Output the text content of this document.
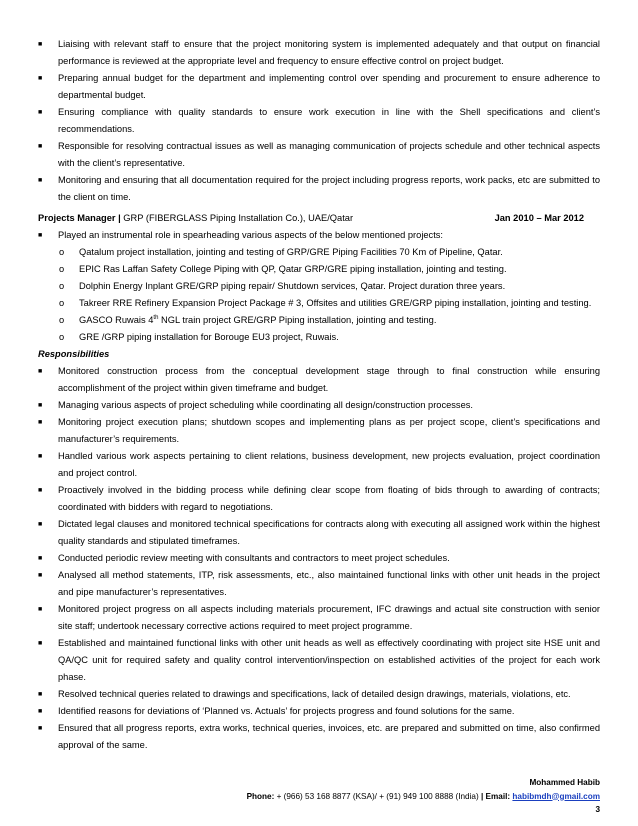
■ Liaising with relevant staff to ensure that the project monitoring system is implemented adequately and that output on financial performance is reviewed at the appropriate level and frequency to ensure effective control on project budget.
■ Preparing annual budget for the department and implementing control over spending and procurement to ensure adherence to departmental budget.
■ Ensuring compliance with quality standards to ensure work execution in line with the Shell specifications and client’s recommendations.
■ Responsible for resolving contractual issues as well as managing communication of projects schedule and other technical aspects with the client’s representative.
■ Monitoring and ensuring that all documentation required for the project including progress reports, work packs, etc are submitted to the client on time.
Projects Manager | GRP (FIBERGLASS Piping Installation Co.), UAE/Qatar	Jan 2010 – Mar 2012
■ Played an instrumental role in spearheading various aspects of the below mentioned projects:
o Qatalum project installation, jointing and testing of GRP/GRE Piping Facilities 70 Km of Pipeline, Qatar.
o EPIC Ras Laffan Safety College Piping with QP, Qatar GRP/GRE piping installation, jointing and testing.
o Dolphin Energy Inplant GRE/GRP piping repair/ Shutdown services, Qatar. Project duration three years.
o Takreer RRE Refinery Expansion Project Package # 3, Offsites and utilities GRE/GRP piping installation, jointing and testing.
o GASCO Ruwais 4th NGL train project GRE/GRP Piping installation, jointing and testing.
o GRE /GRP piping installation for Borouge EU3 project, Ruwais.
Responsibilities
■ Monitored construction process from the conceptual development stage through to final construction while ensuring accomplishment of the project within given timeframe and budget.
■ Managing various aspects of project scheduling while coordinating all design/construction processes.
■ Monitoring project execution plans; shutdown scopes and implementing plans as per project scope, client’s specifications and manufacturer’s requirements.
■ Handled various work aspects pertaining to client relations, business development, new projects evaluation, project coordination and project control.
■ Proactively involved in the bidding process while defining clear scope from floating of bids through to awarding of contracts; coordinated with bidders with regard to negotiations.
■ Dictated legal clauses and monitored technical specifications for contracts along with executing all assigned work within the highest quality standards and stipulated timeframes.
■ Conducted periodic review meeting with consultants and contractors to meet project schedules.
■ Analysed all method statements, ITP, risk assessments, etc., also maintained functional links with other unit heads in the project and pipe manufacturer’s representatives.
■ Monitored project progress on all aspects including materials procurement, IFC drawings and actual site construction with senior site staff; undertook necessary corrective actions required to meet project programme.
■ Established and maintained functional links with other unit heads as well as effectively coordinating with project site HSE unit and QA/QC unit for required safety and quality control intervention/inspection on established activities of the project for each work phase.
■ Resolved technical queries related to drawings and specifications, lack of detailed design drawings, materials, violations, etc.
■ Identified reasons for deviations of ‘Planned vs. Actuals’ for projects progress and found solutions for the same.
■ Ensured that all progress reports, extra works, technical queries, invoices, etc. are prepared and submitted on time, also confirmed approval of the same.
Mohammed Habib
Phone: + (966) 53 168 8877 (KSA)/ + (91) 949 100 8888 (India) | Email: habibmdh@gmail.com
3
